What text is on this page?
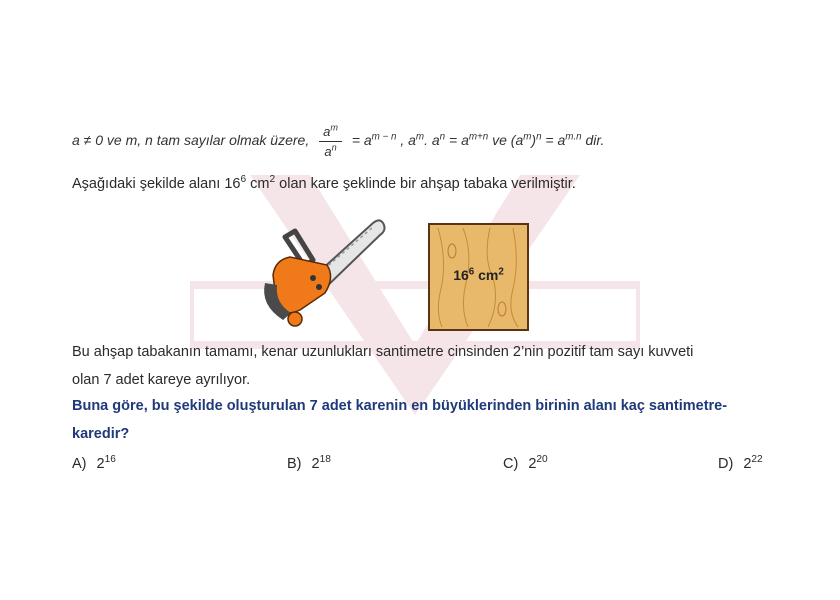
a ≠ 0 ve m, n tam sayılar olmak üzere, $\frac{a^m}{a^n} = a^{m - n}$ , $a^m$. $a^n = a^{m+n}$ ve $(a^m)^n = a^{m.n}$ dir.
Aşağıdaki şekilde alanı $16^6$ $cm^2$ olan kare şeklinde bir ahşap tabaka verilmiştir.
$16^6$ $cm^2$
Bu ahşap tabakanın tamamı, kenar uzunlukları santimetre cinsinden 2’nin pozitif tam sayı kuvveti
olan 7 adet kareye ayrılıyor.
Buna göre, bu şekilde oluşturulan 7 adet karenin en büyüklerinden birinin alanı kaç santimetre-
karedir?
A) $2^{16}$	B) $2^{18}$	C) $2^{20}$	D) $2^{22}$
